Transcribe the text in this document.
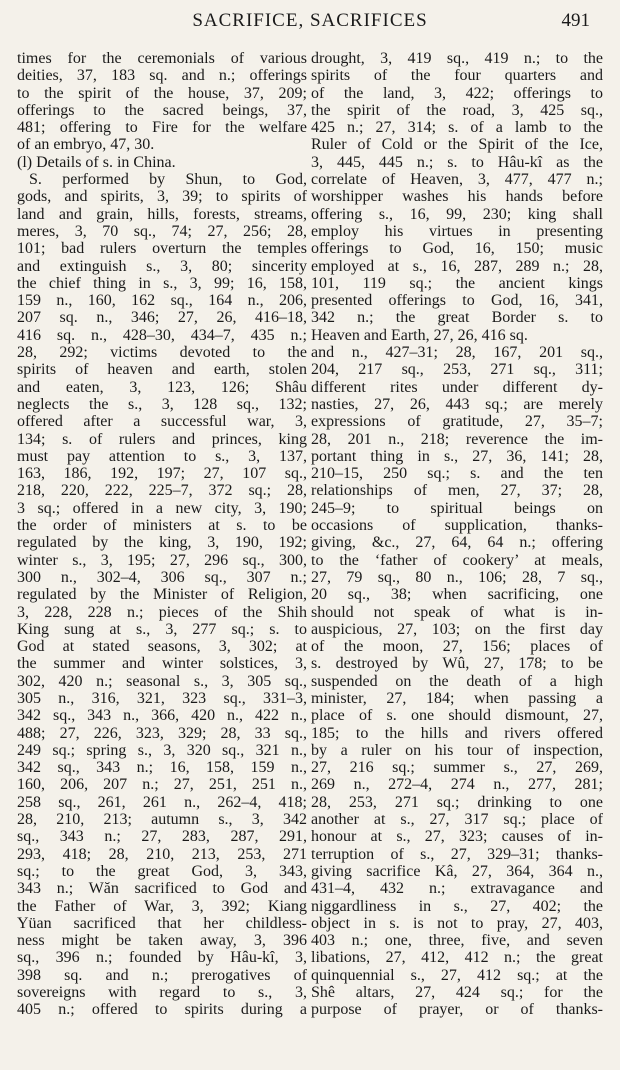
SACRIFICE, SACRIFICES	491
times for the ceremonials of various
deities, 37, 183 sq. and n.; offerings
to the spirit of the house, 37, 209;
offerings to the sacred beings, 37,
481; offering to Fire for the welfare
of an embryo, 47, 30.
(l) Details of s. in China.
S. performed by Shun, to God,
gods, and spirits, 3, 39; to spirits of
land and grain, hills, forests, streams,
meres, 3, 70 sq., 74; 27, 256; 28,
101; bad rulers overturn the temples
and extinguish s., 3, 80; sincerity
the chief thing in s., 3, 99; 16, 158,
159 n., 160, 162 sq., 164 n., 206,
207 sq. n., 346; 27, 26, 416–18,
416 sq. n., 428–30, 434–7, 435 n.;
28, 292; victims devoted to the
spirits of heaven and earth, stolen
and eaten, 3, 123, 126; Shâu
neglects the s., 3, 128 sq., 132;
offered after a successful war, 3,
134; s. of rulers and princes, king
must pay attention to s., 3, 137,
163, 186, 192, 197; 27, 107 sq.,
218, 220, 222, 225–7, 372 sq.; 28,
3 sq.; offered in a new city, 3, 190;
the order of ministers at s. to be
regulated by the king, 3, 190, 192;
winter s., 3, 195; 27, 296 sq., 300,
300 n., 302–4, 306 sq., 307 n.;
regulated by the Minister of Religion,
3, 228, 228 n.; pieces of the Shih
King sung at s., 3, 277 sq.; s. to
God at stated seasons, 3, 302; at
the summer and winter solstices, 3,
302, 420 n.; seasonal s., 3, 305 sq.,
305 n., 316, 321, 323 sq., 331–3,
342 sq., 343 n., 366, 420 n., 422 n.,
488; 27, 226, 323, 329; 28, 33 sq.,
249 sq.; spring s., 3, 320 sq., 321 n.,
342 sq., 343 n.; 16, 158, 159 n.,
160, 206, 207 n.; 27, 251, 251 n.,
258 sq., 261, 261 n., 262–4, 418;
28, 210, 213; autumn s., 3, 342
sq., 343 n.; 27, 283, 287, 291,
293, 418; 28, 210, 213, 253, 271
sq.; to the great God, 3, 343,
343 n.; Wăn sacrificed to God and
the Father of War, 3, 392; Kiang
Yüan sacrificed that her childless-
ness might be taken away, 3, 396
sq., 396 n.; founded by Hâu-kî, 3,
398 sq. and n.; prerogatives of
sovereigns with regard to s., 3,
405 n.; offered to spirits during a
drought, 3, 419 sq., 419 n.; to the
spirits of the four quarters and
of the land, 3, 422; offerings to
the spirit of the road, 3, 425 sq.,
425 n.; 27, 314; s. of a lamb to the
Ruler of Cold or the Spirit of the Ice,
3, 445, 445 n.; s. to Hâu-kî as the
correlate of Heaven, 3, 477, 477 n.;
worshipper washes his hands before
offering s., 16, 99, 230; king shall
employ his virtues in presenting
offerings to God, 16, 150; music
employed at s., 16, 287, 289 n.; 28,
101, 119 sq.; the ancient kings
presented offerings to God, 16, 341,
342 n.; the great Border s. to
Heaven and Earth, 27, 26, 416 sq.
and n., 427–31; 28, 167, 201 sq.,
204, 217 sq., 253, 271 sq., 311;
different rites under different dy-
nasties, 27, 26, 443 sq.; are merely
expressions of gratitude, 27, 35–7;
28, 201 n., 218; reverence the im-
portant thing in s., 27, 36, 141; 28,
210–15, 250 sq.; s. and the ten
relationships of men, 27, 37; 28,
245–9; to spiritual beings on
occasions of supplication, thanks-
giving, &c., 27, 64, 64 n.; offering
to the ‘father of cookery’ at meals,
27, 79 sq., 80 n., 106; 28, 7 sq.,
20 sq., 38; when sacrificing, one
should not speak of what is in-
auspicious, 27, 103; on the first day
of the moon, 27, 156; places of
s. destroyed by Wû, 27, 178; to be
suspended on the death of a high
minister, 27, 184; when passing a
place of s. one should dismount, 27,
185; to the hills and rivers offered
by a ruler on his tour of inspection,
27, 216 sq.; summer s., 27, 269,
269 n., 272–4, 274 n., 277, 281;
28, 253, 271 sq.; drinking to one
another at s., 27, 317 sq.; place of
honour at s., 27, 323; causes of in-
terruption of s., 27, 329–31; thanks-
giving sacrifice Kâ, 27, 364, 364 n.,
431–4, 432 n.; extravagance and
niggardliness in s., 27, 402; the
object in s. is not to pray, 27, 403,
403 n.; one, three, five, and seven
libations, 27, 412, 412 n.; the great
quinquennial s., 27, 412 sq.; at the
Shê altars, 27, 424 sq.; for the
purpose of prayer, or of thanks-
